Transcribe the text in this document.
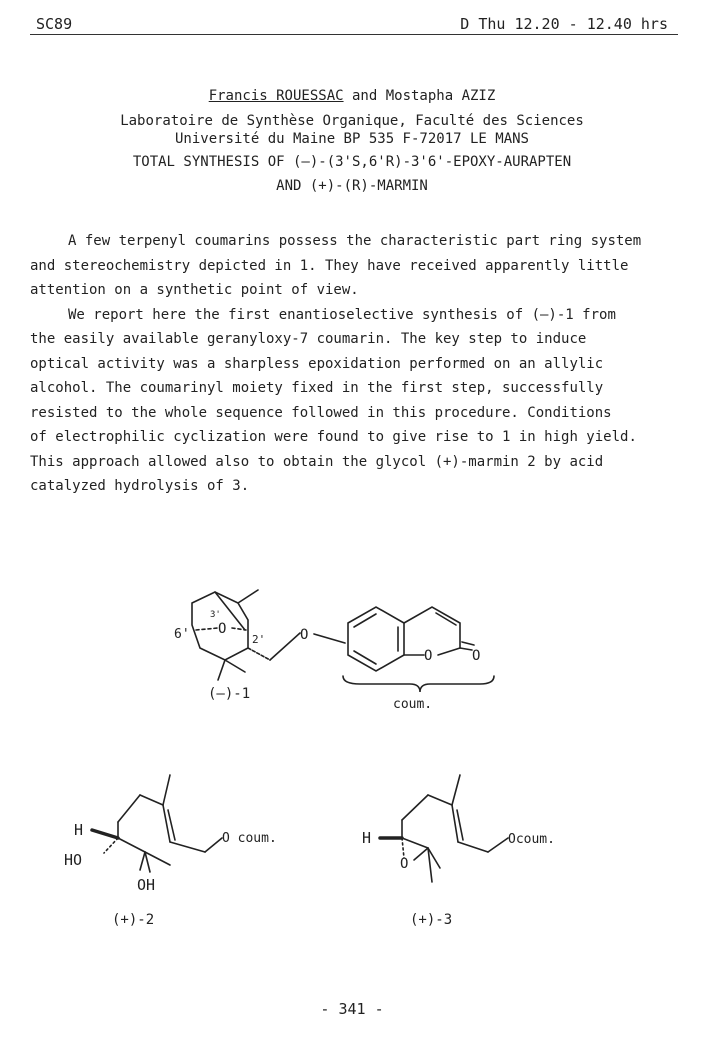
SC89	D Thu 12.20 - 12.40 hrs
Francis ROUESSAC and Mostapha AZIZ
Laboratoire de Synthèse Organique, Faculté des Sciences
Université du Maine BP 535 F-72017 LE MANS
TOTAL SYNTHESIS OF (–)-(3'S,6'R)-3'6'-EPOXY-AURAPTEN
AND (+)-(R)-MARMIN
A few terpenyl coumarins possess the characteristic part ring system
and stereochemistry depicted in 1. They have received apparently little
attention on a synthetic point of view.
We report here the first enantioselective synthesis of (–)-1 from
the easily available geranyloxy-7 coumarin. The key step to induce
optical activity was a sharpless epoxidation performed on an allylic
alcohol. The coumarinyl moiety fixed in the first step, successfully
resisted to the whole sequence followed in this procedure. Conditions
of electrophilic cyclization were found to give rise to 1 in high yield.
This approach allowed also to obtain the glycol (+)-marmin 2 by acid
catalyzed hydrolysis of 3.
3'
6' O
2' O
O	O
(–)-1
coum.
H
HO
OH
O coum.
(+)-2
H
O
Ocoum.
(+)-3
- 341 -
